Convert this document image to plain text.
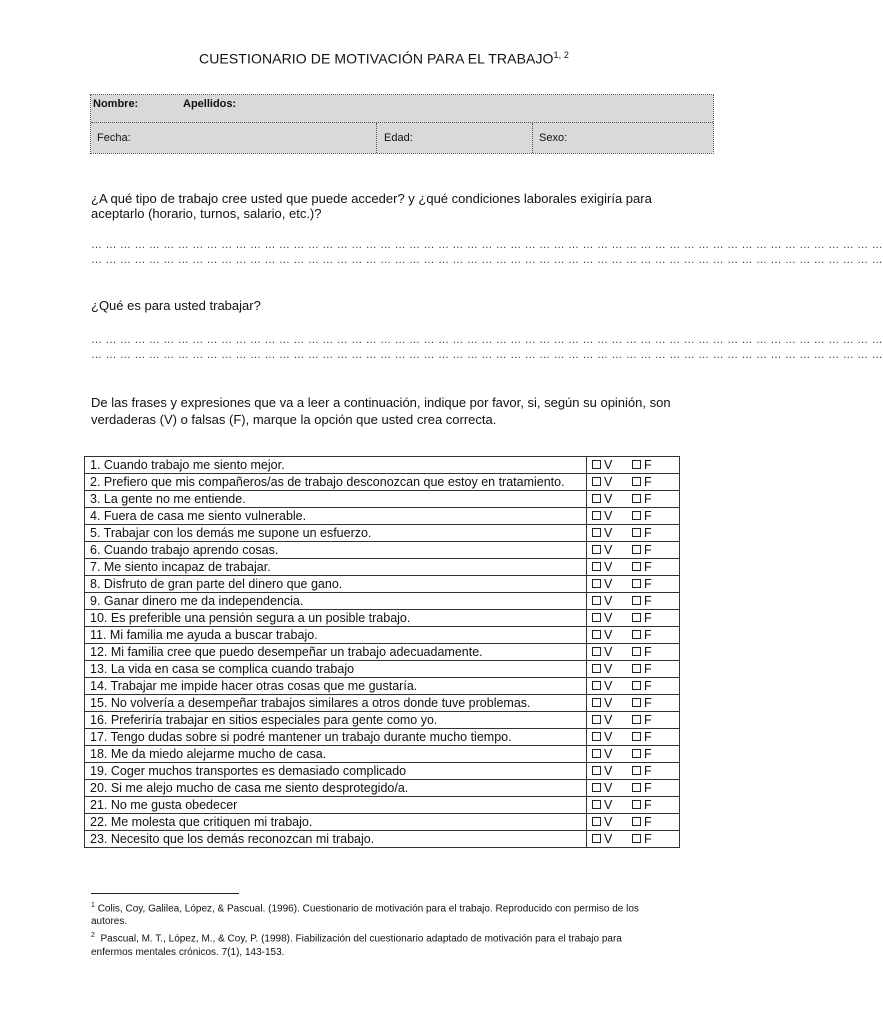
CUESTIONARIO DE MOTIVACIÓN PARA EL TRABAJO$^{1, 2}$
Nombre:	Apellidos:
Fecha:	Edad:	Sexo:
¿A qué tipo de trabajo cree usted que puede acceder? y ¿qué condiciones laborales exigiría para aceptarlo (horario, turnos, salario, etc.)?
… … … … … … … … … … … … … … … … … … … … … … … … … … … … … … … … … … … … … … … … … … … … … … … … … … … … … … …
… … … … … … … … … … … … … … … … … … … … … … … … … … … … … … … … … … … … … … … … … … … … … … … … … … … … … … …
¿Qué es para usted trabajar?
… … … … … … … … … … … … … … … … … … … … … … … … … … … … … … … … … … … … … … … … … … … … … … … … … … … … … … …
… … … … … … … … … … … … … … … … … … … … … … … … … … … … … … … … … … … … … … … … … … … … … … … … … … … … … … …
De las frases y expresiones que va a leer a continuación, indique por favor, si, según su opinión, son verdaderas (V) o falsas (F), marque la opción que usted crea correcta.
1. Cuando trabajo me siento mejor.	V F
2. Prefiero que mis compañeros/as de trabajo desconozcan que estoy en tratamiento.	V F
3. La gente no me entiende.	V F
4. Fuera de casa me siento vulnerable.	V F
5. Trabajar con los demás me supone un esfuerzo.	V F
6. Cuando trabajo aprendo cosas.	V F
7. Me siento incapaz de trabajar.	V F
8. Disfruto de gran parte del dinero que gano.	V F
9. Ganar dinero me da independencia.	V F
10. Es preferible una pensión segura a un posible trabajo.	V F
11. Mi familia me ayuda a buscar trabajo.	V F
12. Mi familia cree que puedo desempeñar un trabajo adecuadamente.	V F
13. La vida en casa se complica cuando trabajo	V F
14. Trabajar me impide hacer otras cosas que me gustaría.	V F
15. No volvería a desempeñar trabajos similares a otros donde tuve problemas.	V F
16. Preferiría trabajar en sitios especiales para gente como yo.	V F
17. Tengo dudas sobre si podré mantener un trabajo durante mucho tiempo.	V F
18. Me da miedo alejarme mucho de casa.	V F
19. Coger muchos transportes es demasiado complicado	V F
20. Si me alejo mucho de casa me siento desprotegido/a.	V F
21. No me gusta obedecer	V F
22. Me molesta que critiquen mi trabajo.	V F
23. Necesito que los demás reconozcan mi trabajo.	V F
$^1$ Colis, Coy, Galilea, López, & Pascual. (1996). Cuestionario de motivación para el trabajo. Reproducido con permiso de los autores.
$^2$ Pascual, M. T., López, M., & Coy, P. (1998). Fiabilización del cuestionario adaptado de motivación para el trabajo para enfermos mentales crónicos. 7(1), 143-153.
